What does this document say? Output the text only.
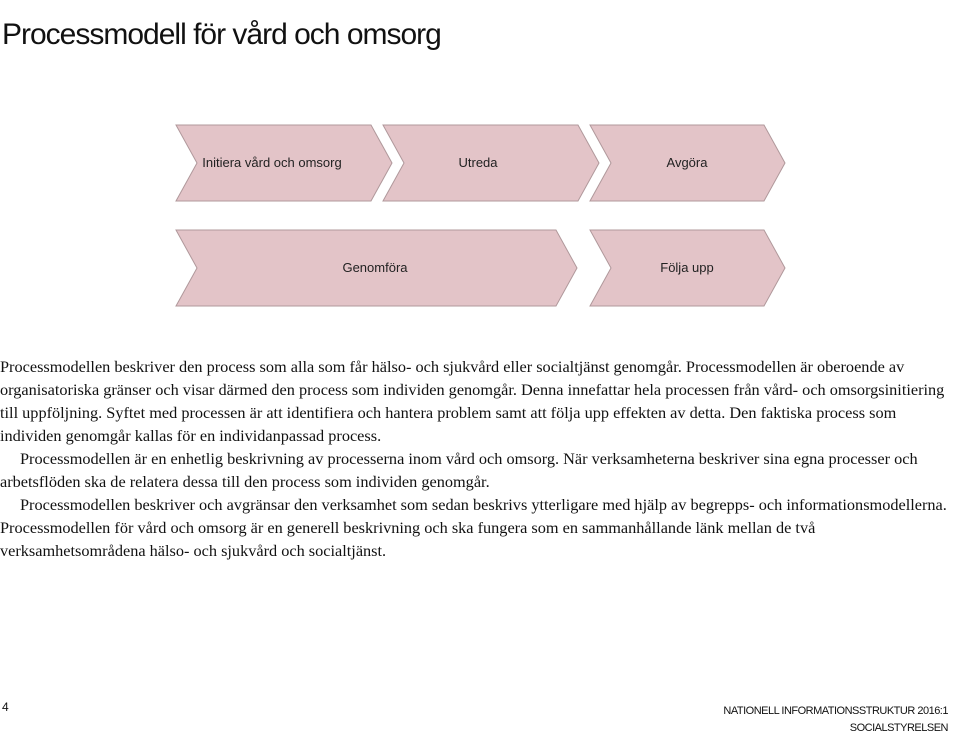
Processmodell för vård och omsorg
Initiera vård och omsorg	Utreda	Avgöra
Genomföra	Följa upp

Processmodellen beskriver den process som alla som får hälso- och sjukvård eller socialtjänst genomgår. Processmodellen är oberoende av organisatoriska gränser och visar därmed den process som individen genomgår. Denna innefattar hela processen från vård- och omsorgsinitiering till uppföljning. Syftet med processen är att identifiera och hantera problem samt att följa upp effekten av detta. Den faktiska process som individen genomgår kallas för en individanpassad process.

Processmodellen är en enhetlig beskrivning av processerna inom vård och omsorg. När verksamheterna beskriver sina egna processer och arbetsflöden ska de relatera dessa till den process som individen genomgår.

Processmodellen beskriver och avgränsar den verksamhet som sedan beskrivs ytterligare med hjälp av begrepps- och informationsmodellerna. Processmodellen för vård och omsorg är en generell beskrivning och ska fungera som en sammanhållande länk mellan de två verksamhetsområdena hälso- och sjukvård och socialtjänst.

4	NATIONELL INFORMATIONSSTRUKTUR 2016:1
SOCIALSTYRELSEN
